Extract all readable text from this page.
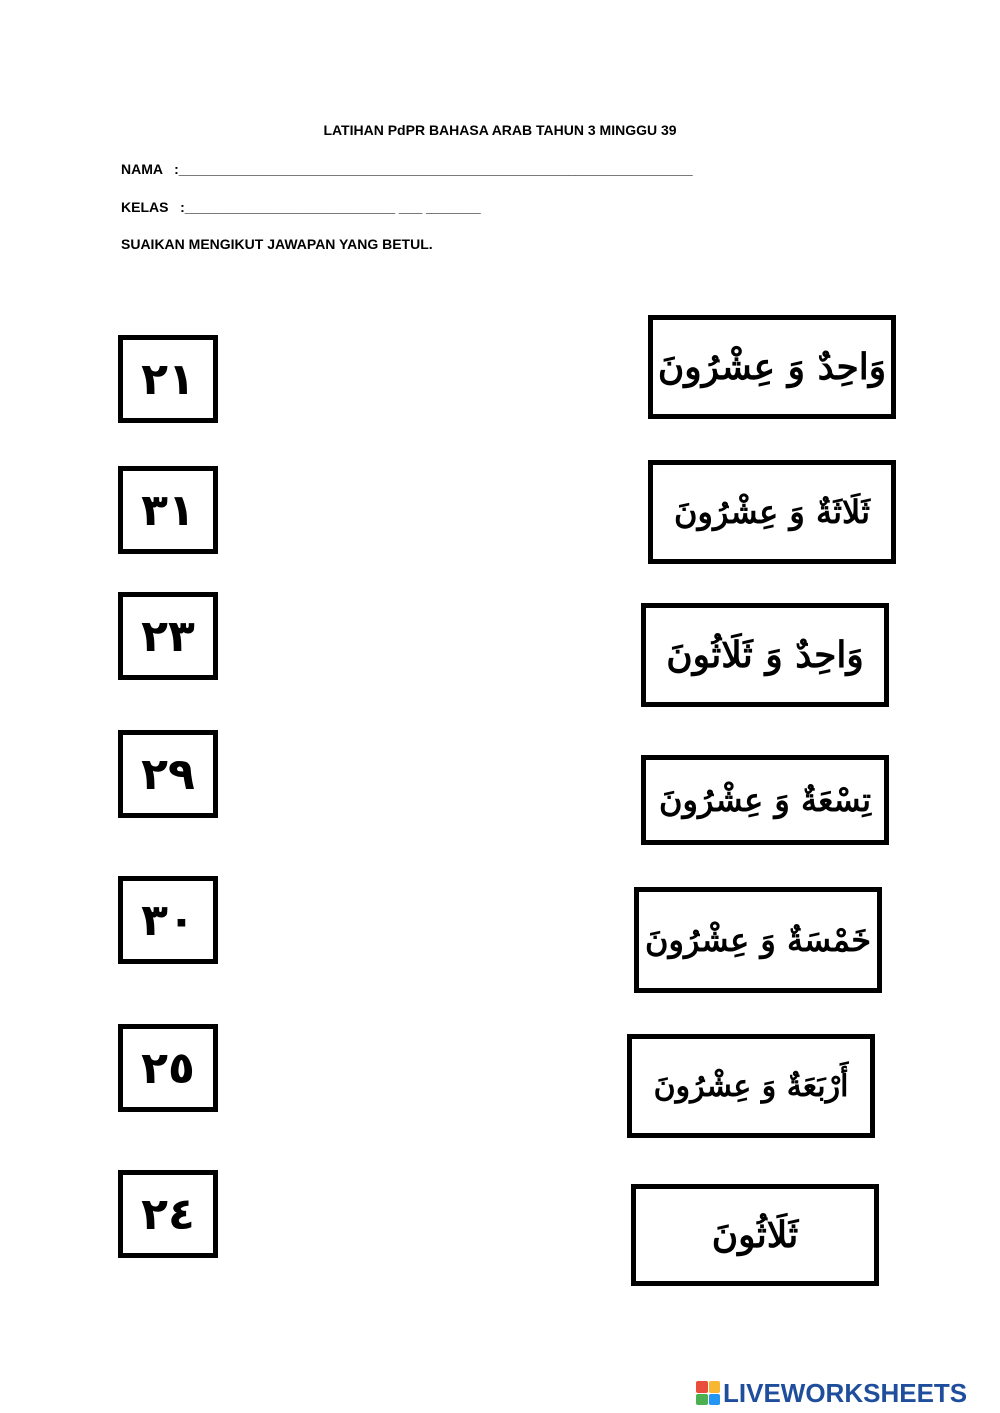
LATIHAN PdPR BAHASA ARAB TAHUN 3 MINGGU 39
NAMA   :__________________________________________________________________
KELAS   :___________________________ ___ _______
SUAIKAN MENGIKUT JAWAPAN YANG BETUL.
٢١
٣١
٢٣
٢٩
٣٠
٢٥
٢٤
وَاحِدٌ وَ عِشْرُونَ
ثَلَاثَةٌ وَ عِشْرُونَ
وَاحِدٌ وَ ثَلَاثُونَ
تِسْعَةٌ وَ عِشْرُونَ
خَمْسَةٌ وَ عِشْرُونَ
أَرْبَعَةٌ وَ عِشْرُونَ
ثَلَاثُونَ
LIVEWORKSHEETS
